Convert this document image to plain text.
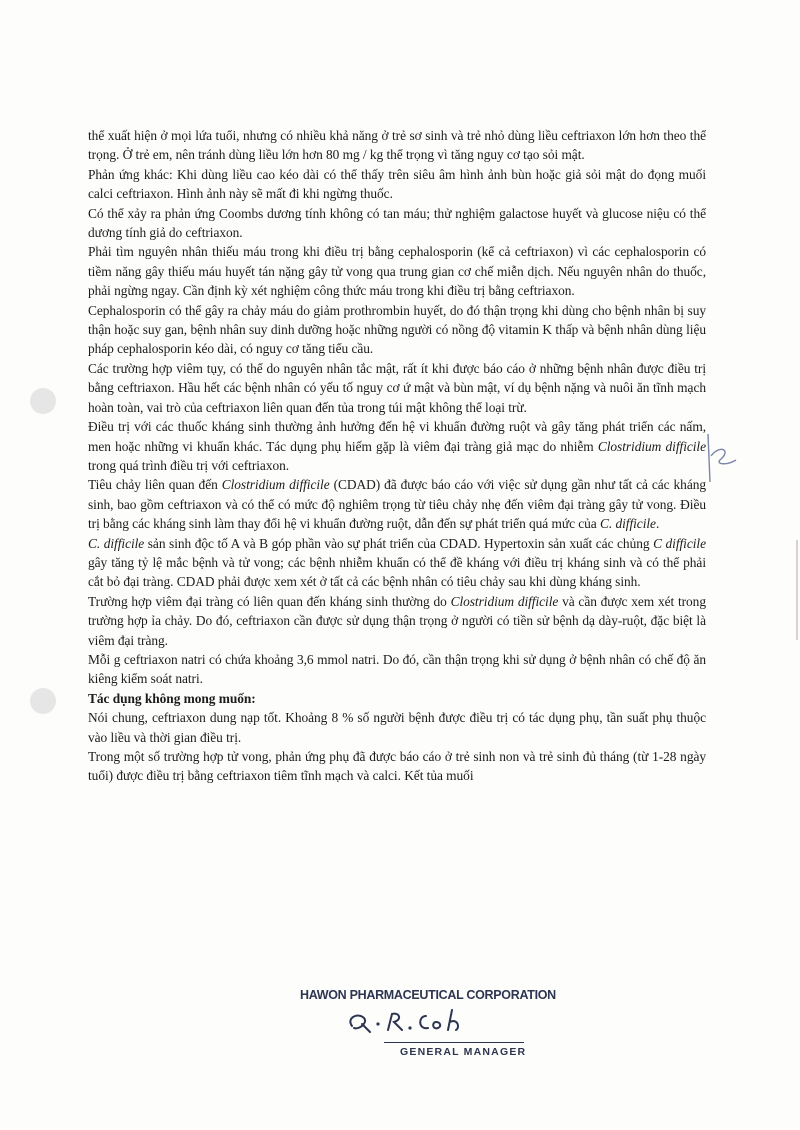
thể xuất hiện ở mọi lứa tuổi, nhưng có nhiều khả năng ở trẻ sơ sinh và trẻ nhỏ dùng liều ceftriaxon lớn hơn theo thể trọng. Ở trẻ em, nên tránh dùng liều lớn hơn 80 mg / kg thể trọng vì tăng nguy cơ tạo sỏi mật.

Phản ứng khác: Khi dùng liều cao kéo dài có thể thấy trên siêu âm hình ảnh bùn hoặc giả sỏi mật do đọng muối calci ceftriaxon. Hình ảnh này sẽ mất đi khi ngừng thuốc.

Có thể xảy ra phản ứng Coombs dương tính không có tan máu; thử nghiệm galactose huyết và glucose niệu có thể dương tính giả do ceftriaxon.

Phải tìm nguyên nhân thiếu máu trong khi điều trị bằng cephalosporin (kể cả ceftriaxon) vì các cephalosporin có tiềm năng gây thiếu máu huyết tán nặng gây tử vong qua trung gian cơ chế miễn dịch. Nếu nguyên nhân do thuốc, phải ngừng ngay. Cần định kỳ xét nghiệm công thức máu trong khi điều trị bằng ceftriaxon.

Cephalosporin có thể gây ra chảy máu do giảm prothrombin huyết, do đó thận trọng khi dùng cho bệnh nhân bị suy thận hoặc suy gan, bệnh nhân suy dinh dưỡng hoặc những người có nồng độ vitamin K thấp và bệnh nhân dùng liệu pháp cephalosporin kéo dài, có nguy cơ tăng tiểu cầu.

Các trường hợp viêm tụy, có thể do nguyên nhân tắc mật, rất ít khi được báo cáo ở những bệnh nhân được điều trị bằng ceftriaxon. Hầu hết các bệnh nhân có yếu tố nguy cơ ứ mật và bùn mật, ví dụ bệnh nặng và nuôi ăn tĩnh mạch hoàn toàn, vai trò của ceftriaxon liên quan đến tủa trong túi mật không thể loại trừ.

Điều trị với các thuốc kháng sinh thường ảnh hưởng đến hệ vi khuẩn đường ruột và gây tăng phát triển các nấm, men hoặc những vi khuẩn khác. Tác dụng phụ hiếm gặp là viêm đại tràng giả mạc do nhiễm Clostridium difficile trong quá trình điều trị với ceftriaxon.

Tiêu chảy liên quan đến Clostridium difficile (CDAD) đã được báo cáo với việc sử dụng gần như tất cả các kháng sinh, bao gồm ceftriaxon và có thể có mức độ nghiêm trọng từ tiêu chảy nhẹ đến viêm đại tràng gây tử vong. Điều trị bằng các kháng sinh làm thay đổi hệ vi khuẩn đường ruột, dẫn đến sự phát triển quá mức của C. difficile.

C. difficile sản sinh độc tố A và B góp phần vào sự phát triển của CDAD. Hypertoxin sản xuất các chủng C difficile gây tăng tỷ lệ mắc bệnh và tử vong; các bệnh nhiễm khuẩn có thể đề kháng với điều trị kháng sinh và có thể phải cắt bỏ đại tràng. CDAD phải được xem xét ở tất cả các bệnh nhân có tiêu chảy sau khi dùng kháng sinh.

Trường hợp viêm đại tràng có liên quan đến kháng sinh thường do Clostridium difficile và cần được xem xét trong trường hợp ỉa chảy. Do đó, ceftriaxon cần được sử dụng thận trọng ở người có tiền sử bệnh dạ dày-ruột, đặc biệt là viêm đại tràng.

Mỗi g ceftriaxon natri có chứa khoảng 3,6 mmol natri. Do đó, cần thận trọng khi sử dụng ở bệnh nhân có chế độ ăn kiêng kiểm soát natri.

Tác dụng không mong muốn:

Nói chung, ceftriaxon dung nạp tốt. Khoảng 8 % số người bệnh được điều trị có tác dụng phụ, tần suất phụ thuộc vào liều và thời gian điều trị.

Trong một số trường hợp tử vong, phản ứng phụ đã được báo cáo ở trẻ sinh non và trẻ sinh đủ tháng (từ 1-28 ngày tuổi) được điều trị bằng ceftriaxon tiêm tĩnh mạch và calci. Kết tủa muối

HAWON PHARMACEUTICAL CORPORATION
GENERAL MANAGER
